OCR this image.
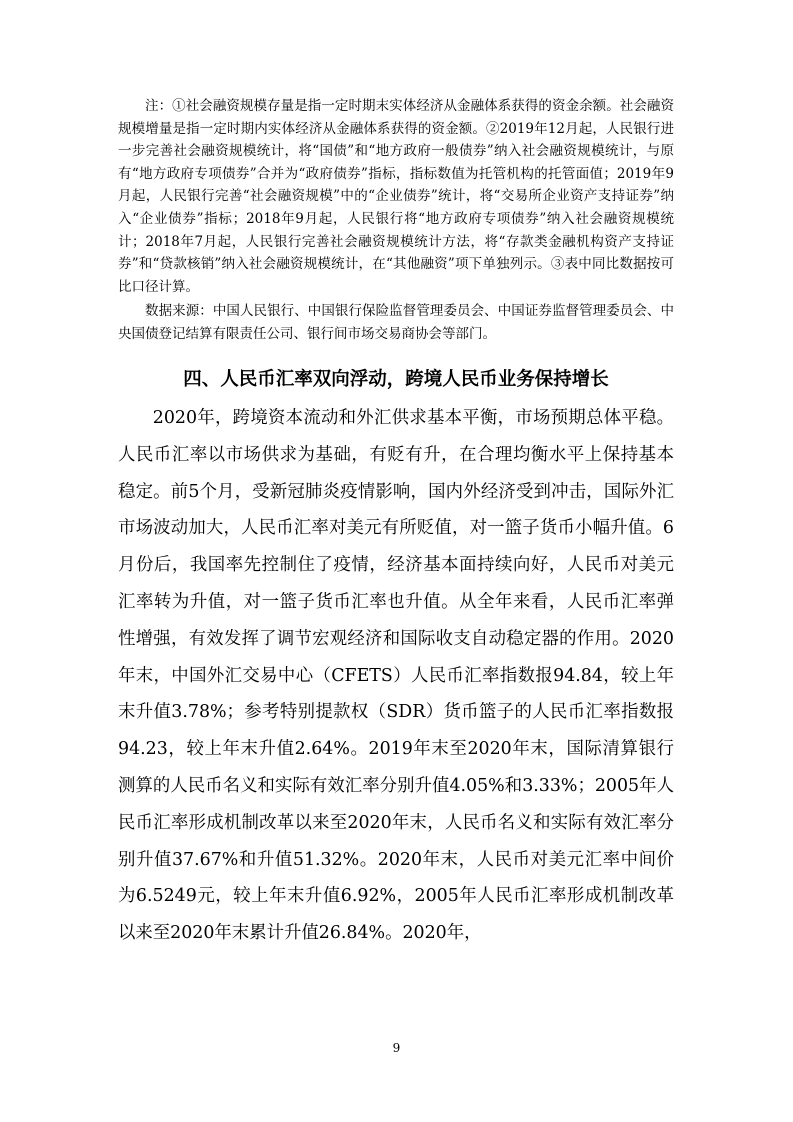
注：①社会融资规模存量是指一定时期末实体经济从金融体系获得的资金余额。社会融资规模增量是指一定时期内实体经济从金融体系获得的资金额。②2019年12月起，人民银行进一步完善社会融资规模统计，将“国债”和“地方政府一般债券”纳入社会融资规模统计，与原有“地方政府专项债券”合并为“政府债券”指标，指标数值为托管机构的托管面值；2019年9月起，人民银行完善“社会融资规模”中的“企业债券”统计，将“交易所企业资产支持证券”纳入“企业债券”指标；2018年9月起，人民银行将“地方政府专项债券”纳入社会融资规模统计；2018年7月起，人民银行完善社会融资规模统计方法，将“存款类金融机构资产支持证券”和“贷款核销”纳入社会融资规模统计，在“其他融资”项下单独列示。③表中同比数据按可比口径计算。

数据来源：中国人民银行、中国银行保险监督管理委员会、中国证券监督管理委员会、中央国债登记结算有限责任公司、银行间市场交易商协会等部门。

四、人民币汇率双向浮动，跨境人民币业务保持增长

2020年，跨境资本流动和外汇供求基本平衡，市场预期总体平稳。人民币汇率以市场供求为基础，有贬有升，在合理均衡水平上保持基本稳定。前5个月，受新冠肺炎疫情影响，国内外经济受到冲击，国际外汇市场波动加大，人民币汇率对美元有所贬值，对一篮子货币小幅升值。6月份后，我国率先控制住了疫情，经济基本面持续向好，人民币对美元汇率转为升值，对一篮子货币汇率也升值。从全年来看，人民币汇率弹性增强，有效发挥了调节宏观经济和国际收支自动稳定器的作用。2020年末，中国外汇交易中心（CFETS）人民币汇率指数报94.84，较上年末升值3.78%；参考特别提款权（SDR）货币篮子的人民币汇率指数报94.23，较上年末升值2.64%。2019年末至2020年末，国际清算银行测算的人民币名义和实际有效汇率分别升值4.05%和3.33%；2005年人民币汇率形成机制改革以来至2020年末，人民币名义和实际有效汇率分别升值37.67%和升值51.32%。2020年末，人民币对美元汇率中间价为6.5249元，较上年末升值6.92%，2005年人民币汇率形成机制改革以来至2020年末累计升值26.84%。2020年，

9
